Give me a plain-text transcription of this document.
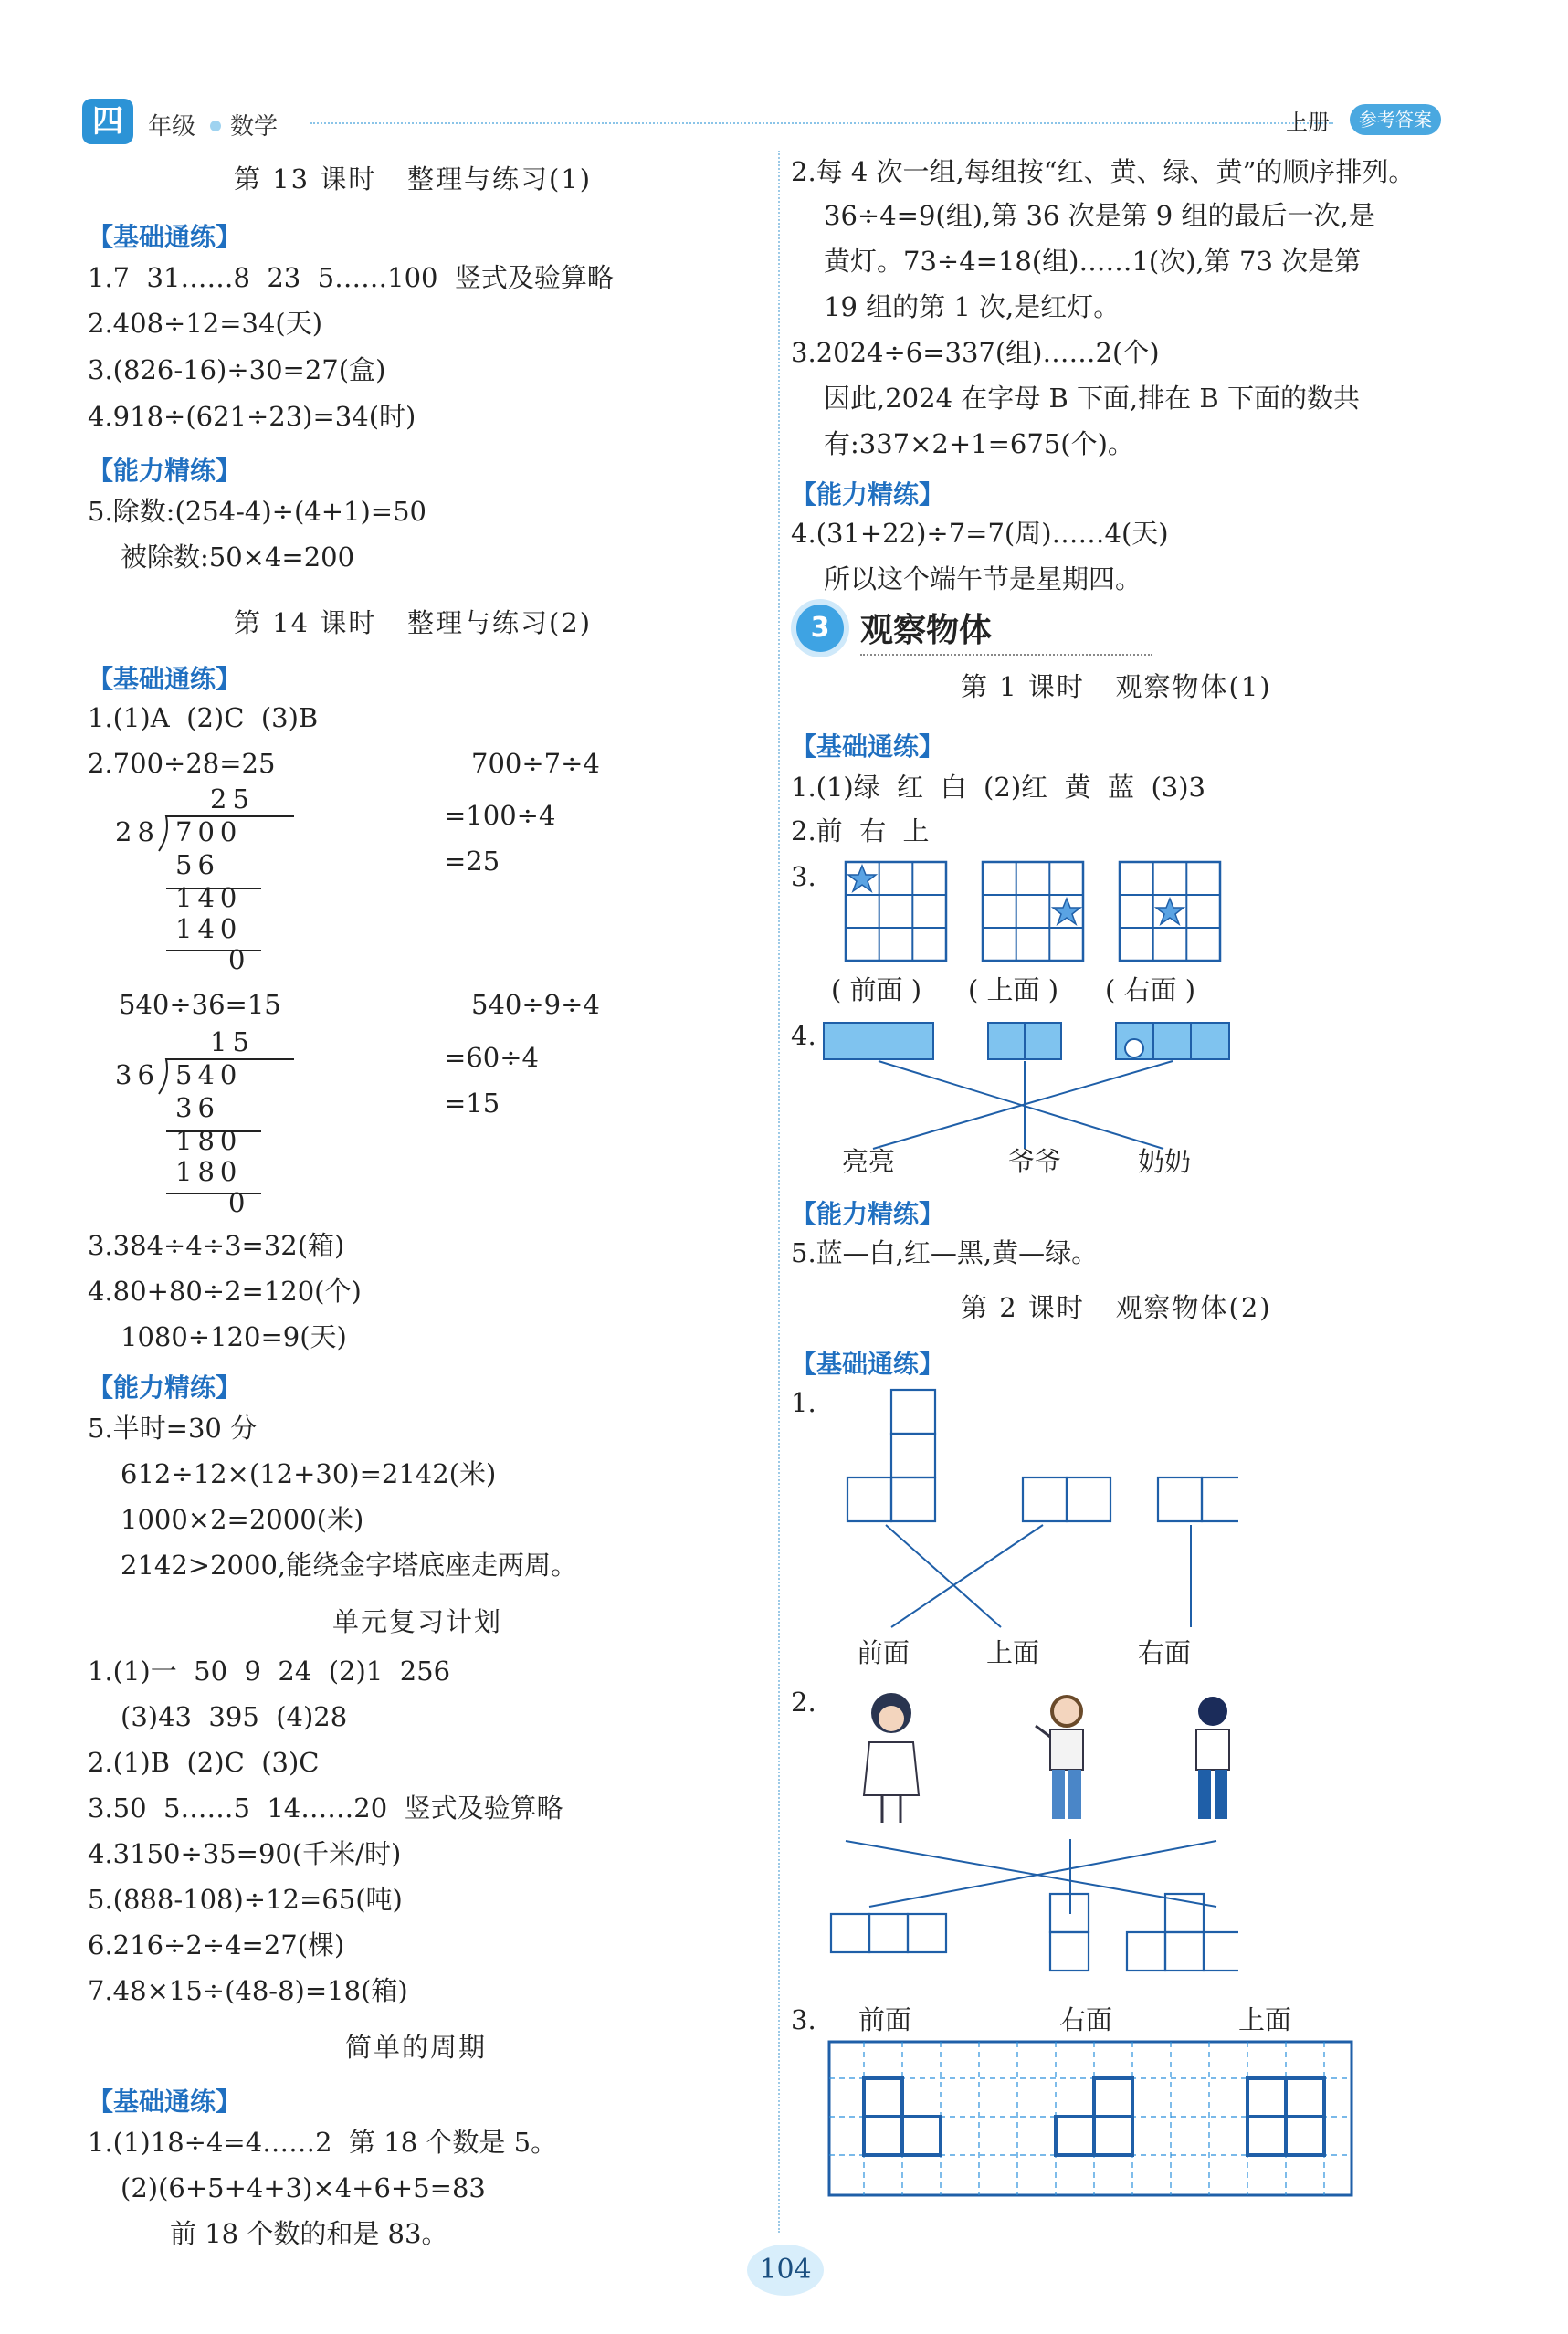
四	年级 数学	上册	参考答案
第 13 课时   整理与练习(1)
【基础通练】
1.7  31……8  23  5……100  竖式及验算略
2.408÷12=34(天)
3.(826-16)÷30=27(盒)
4.918÷(621÷23)=34(时)
【能力精练】
5.除数:(254-4)÷(4+1)=50
被除数:50×4=200
第 14 课时   整理与练习(2)
【基础通练】
1.(1)A  (2)C  (3)B
2.700÷28=25	700÷7÷4
=100÷4
=25
25
28 700
56
140
140
0
540÷36=15	540÷9÷4
=60÷4
=15
15
36 540
36
180
180
0
3.384÷4÷3=32(箱)
4.80+80÷2=120(个)
1080÷120=9(天)
【能力精练】
5.半时=30 分
612÷12×(12+30)=2142(米)
1000×2=2000(米)
2142>2000,能绕金字塔底座走两周。
单元复习计划
1.(1)一  50  9  24  (2)1  256
(3)43  395  (4)28
2.(1)B  (2)C  (3)C
3.50  5……5  14……20  竖式及验算略
4.3150÷35=90(千米/时)
5.(888-108)÷12=65(吨)
6.216÷2÷4=27(棵)
7.48×15÷(48-8)=18(箱)
简单的周期
【基础通练】
1.(1)18÷4=4……2  第 18 个数是 5。
(2)(6+5+4+3)×4+6+5=83
前 18 个数的和是 83。
2.每 4 次一组,每组按“红、黄、绿、黄”的顺序排列。
36÷4=9(组),第 36 次是第 9 组的最后一次,是
黄灯。73÷4=18(组)……1(次),第 73 次是第
19 组的第 1 次,是红灯。
3.2024÷6=337(组)……2(个)
因此,2024 在字母 B 下面,排在 B 下面的数共
有:337×2+1=675(个)。
【能力精练】
4.(31+22)÷7=7(周)……4(天)
所以这个端午节是星期四。
3 观察物体
第 1 课时   观察物体(1)
【基础通练】
1.(1)绿  红  白  (2)红  黄  蓝  (3)3
2.前  右  上
3.
( 前面 ) ( 上面 ) ( 右面 )
4.
亮亮	爷爷	奶奶
【能力精练】
5.蓝—白,红—黑,黄—绿。
第 2 课时   观察物体(2)
【基础通练】
1.
前面	上面	右面
2.
3. 前面	右面	上面
104
